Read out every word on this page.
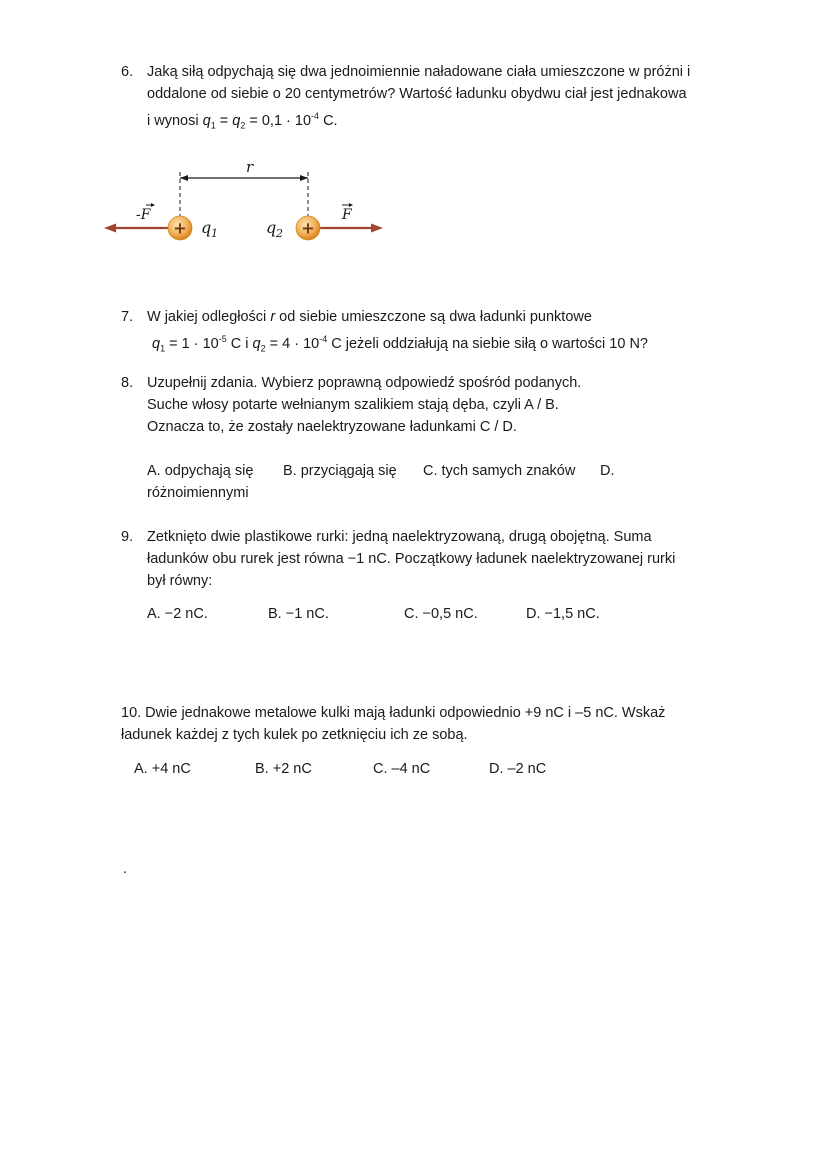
6. Jaką siłą odpychają się dwa jednoimiennie naładowane ciała umieszczone w próżni i
oddalone od siebie o 20 centymetrów? Wartość ładunku obydwu ciał jest jednakowa
i wynosi $q_1 = q_2 = 0,1 \cdot 10^{-4}$ C.
r
-F	F
+	+
q 1	q 2
7. W jakiej odległości r od siebie umieszczone są dwa ładunki punktowe
$q_1 = 1 \cdot 10^{-5}$ C i $q_2 = 4 \cdot 10^{-4}$ C jeżeli oddziałują na siebie siłą o wartości 10 N?
8. Uzupełnij zdania. Wybierz poprawną odpowiedź spośród podanych.
Suche włosy potarte wełnianym szalikiem stają dęba, czyli A / B.
Oznacza to, że zostały naelektryzowane ładunkami C / D.
A. odpychają się B. przyciągają się C. tych samych znaków D.
różnoimiennymi
9. Zetknięto dwie plastikowe rurki: jedną naelektryzowaną, drugą obojętną. Suma
ładunków obu rurek jest równa −1 nC. Początkowy ładunek naelektryzowanej rurki
był równy:
A. −2 nC.	B. −1 nC.	C. −0,5 nC.	D. −1,5 nC.
10. Dwie jednakowe metalowe kulki mają ładunki odpowiednio +9 nC i –5 nC. Wskaż
ładunek każdej z tych kulek po zetknięciu ich ze sobą.
A. +4 nC	B. +2 nC	C. –4 nC	D. –2 nC
.
